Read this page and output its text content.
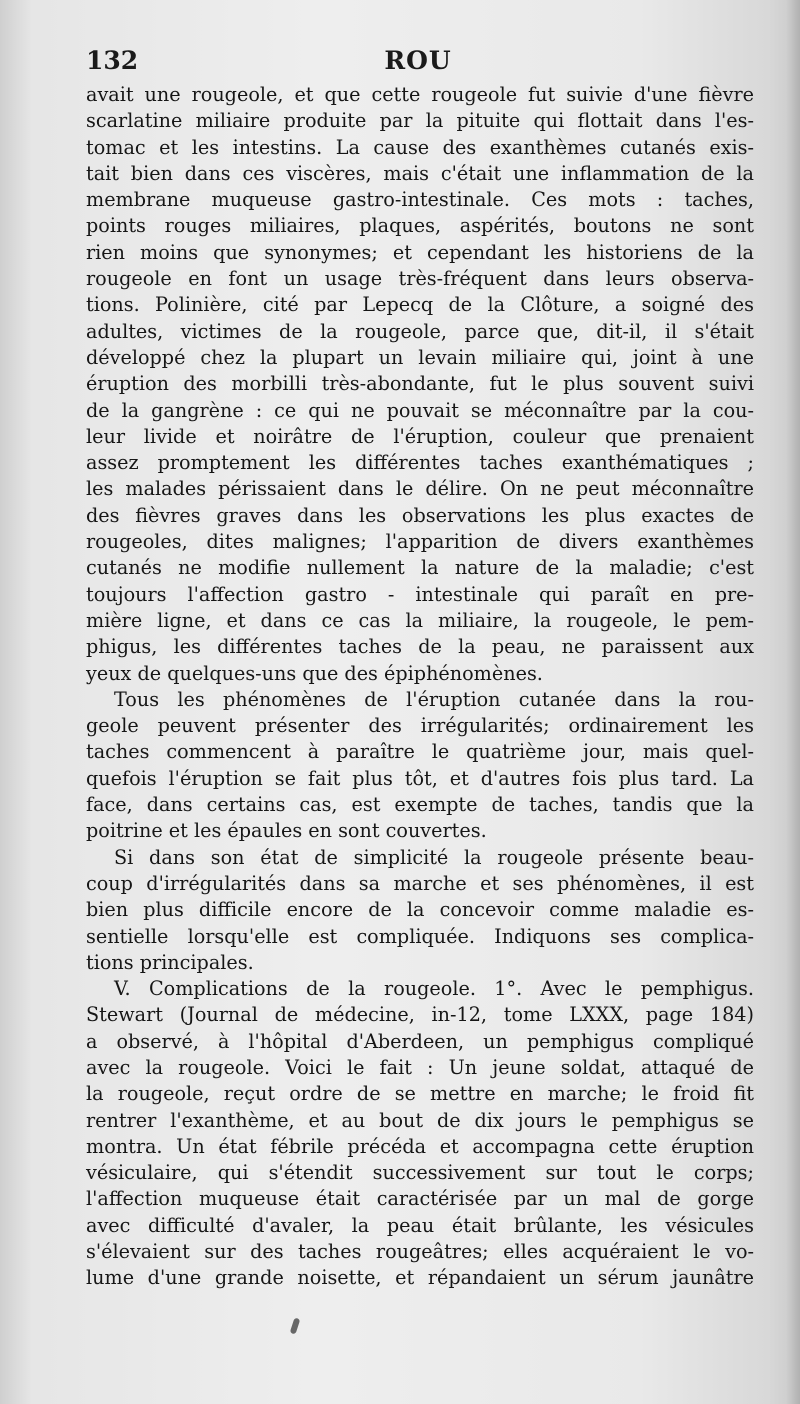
132	ROU
avait une rougeole, et que cette rougeole fut suivie d'une fièvre
scarlatine miliaire produite par la pituite qui flottait dans l'es-
tomac et les intestins. La cause des exanthèmes cutanés exis-
tait bien dans ces viscères, mais c'était une inflammation de la
membrane muqueuse gastro-intestinale. Ces mots : taches,
points rouges miliaires, plaques, aspérités, boutons ne sont
rien moins que synonymes; et cependant les historiens de la
rougeole en font un usage très-fréquent dans leurs observa-
tions. Polinière, cité par Lepecq de la Clôture, a soigné des
adultes, victimes de la rougeole, parce que, dit-il, il s'était
développé chez la plupart un levain miliaire qui, joint à une
éruption des morbilli très-abondante, fut le plus souvent suivi
de la gangrène : ce qui ne pouvait se méconnaître par la cou-
leur livide et noirâtre de l'éruption, couleur que prenaient
assez promptement les différentes taches exanthématiques ;
les malades périssaient dans le délire. On ne peut méconnaître
des fièvres graves dans les observations les plus exactes de
rougeoles, dites malignes; l'apparition de divers exanthèmes
cutanés ne modifie nullement la nature de la maladie; c'est
toujours l'affection gastro - intestinale qui paraît en pre-
mière ligne, et dans ce cas la miliaire, la rougeole, le pem-
phigus, les différentes taches de la peau, ne paraissent aux
yeux de quelques-uns que des épiphénomènes.
Tous les phénomènes de l'éruption cutanée dans la rou-
geole peuvent présenter des irrégularités; ordinairement les
taches commencent à paraître le quatrième jour, mais quel-
quefois l'éruption se fait plus tôt, et d'autres fois plus tard. La
face, dans certains cas, est exempte de taches, tandis que la
poitrine et les épaules en sont couvertes.
Si dans son état de simplicité la rougeole présente beau-
coup d'irrégularités dans sa marche et ses phénomènes, il est
bien plus difficile encore de la concevoir comme maladie es-
sentielle lorsqu'elle est compliquée. Indiquons ses complica-
tions principales.
V. Complications de la rougeole. 1°. Avec le pemphigus.
Stewart (Journal de médecine, in-12, tome LXXX, page 184)
a observé, à l'hôpital d'Aberdeen, un pemphigus compliqué
avec la rougeole. Voici le fait : Un jeune soldat, attaqué de
la rougeole, reçut ordre de se mettre en marche; le froid fit
rentrer l'exanthème, et au bout de dix jours le pemphigus se
montra. Un état fébrile précéda et accompagna cette éruption
vésiculaire, qui s'étendit successivement sur tout le corps;
l'affection muqueuse était caractérisée par un mal de gorge
avec difficulté d'avaler, la peau était brûlante, les vésicules
s'élevaient sur des taches rougeâtres; elles acquéraient le vo-
lume d'une grande noisette, et répandaient un sérum jaunâtre
